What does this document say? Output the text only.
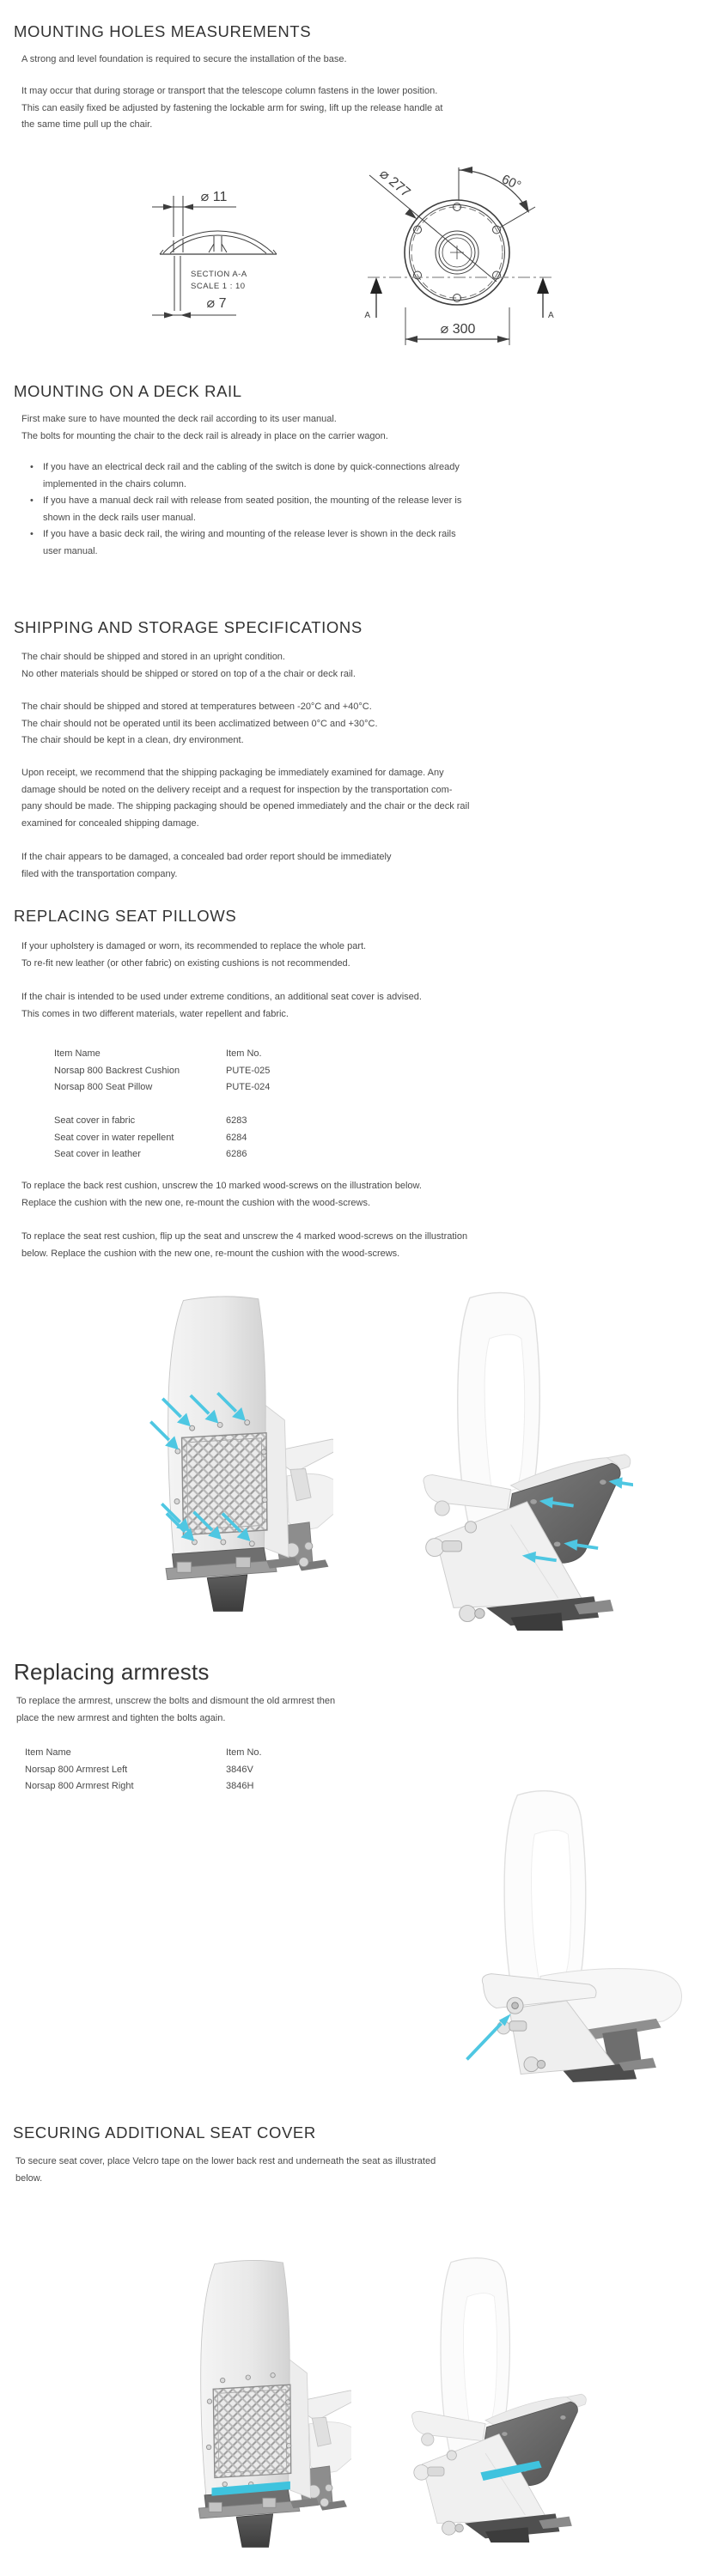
MOUNTING HOLES MEASUREMENTS
A strong and level foundation is required to secure the installation of the base.
It may occur that during storage or transport that the telescope column fastens in the lower position.
This can easily fixed be adjusted by fastening the lockable arm for swing, lift up the release handle at
the same time pull up the chair.
⌀ 11
SECTION A-A
SCALE 1 : 10
⌀ 7
⌀ 277	60°
A	A
⌀ 300
MOUNTING ON A DECK RAIL
First make sure to have mounted the deck rail according to its user manual.
The bolts for mounting the chair to the deck rail is already in place on the carrier wagon.
• If you have an electrical deck rail and the cabling of the switch is done by quick-connections already
implemented in the chairs column.
• If you have a manual deck rail with release from seated position, the mounting of the release lever is
shown in the deck rails user manual.
• If you have a basic deck rail, the wiring and mounting of the release lever is shown in the deck rails
user manual.
SHIPPING AND STORAGE SPECIFICATIONS
The chair should be shipped and stored in an upright condition.
No other materials should be shipped or stored on top of a the chair or deck rail.
The chair should be shipped and stored at temperatures between -20°C and +40°C.
The chair should not be operated until its been acclimatized between 0°C and +30°C.
The chair should be kept in a clean, dry environment.
Upon receipt, we recommend that the shipping packaging be immediately examined for damage. Any
damage should be noted on the delivery receipt and a request for inspection by the transportation com-
pany should be made. The shipping packaging should be opened immediately and the chair or the deck rail
examined for concealed shipping damage.
If the chair appears to be damaged, a concealed bad order report should be immediately
filed with the transportation company.
REPLACING SEAT PILLOWS
If your upholstery is damaged or worn, its recommended to replace the whole part.
To re-fit new leather (or other fabric) on existing cushions is not recommended.
If the chair is intended to be used under extreme conditions, an additional seat cover is advised.
This comes in two different materials, water repellent and fabric.
Item Name	Item No.
Norsap 800 Backrest Cushion	PUTE-025
Norsap 800 Seat Pillow	PUTE-024
Seat cover in fabric	6283
Seat cover in water repellent	6284
Seat cover in leather	6286
To replace the back rest cushion, unscrew the 10 marked wood-screws on the illustration below.
Replace the cushion with the new one, re-mount the cushion with the wood-screws.
To replace the seat rest cushion, flip up the seat and unscrew the 4 marked wood-screws on the illustration
below. Replace the cushion with the new one, re-mount the cushion with the wood-screws.
Replacing armrests
To replace the armrest, unscrew the bolts and dismount the old armrest then
place the new armrest and tighten the bolts again.
Item Name	Item No.
Norsap 800 Armrest Left	3846V
Norsap 800 Armrest Right	3846H
SECURING ADDITIONAL SEAT COVER
To secure seat cover, place Velcro tape on the lower back rest and underneath the seat as illustrated
below.
